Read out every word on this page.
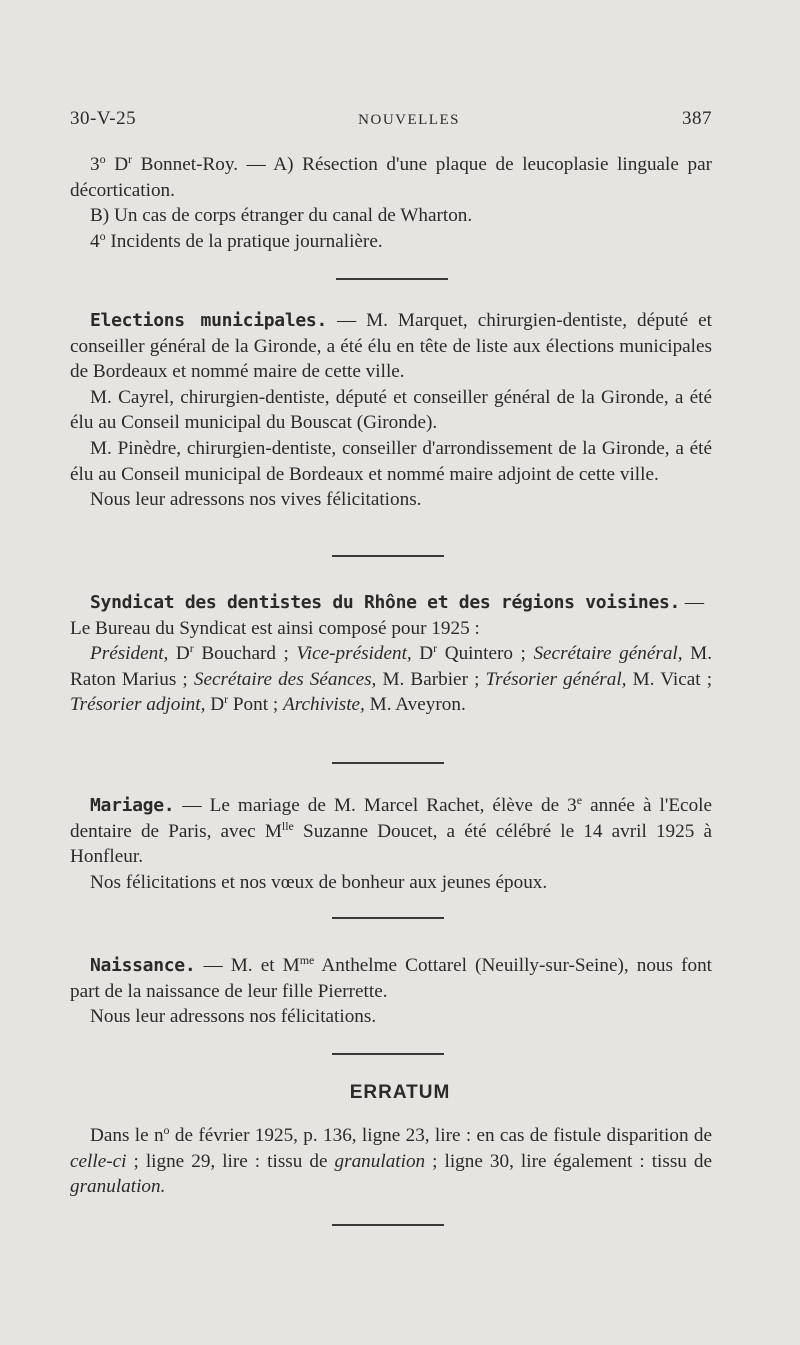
30-V-25	NOUVELLES	387

3$^o$ $D^r$ Bonnet-Roy. — A) Résection d'une plaque de leucoplasie linguale par décortication.

B) Un cas de corps étranger du canal de Wharton.

4$^o$ Incidents de la pratique journalière.

Elections municipales. — M. Marquet, chirurgien-dentiste, député et conseiller général de la Gironde, a été élu en tête de liste aux élections municipales de Bordeaux et nommé maire de cette ville.

M. Cayrel, chirurgien-dentiste, député et conseiller général de la Gironde, a été élu au Conseil municipal du Bouscat (Gironde).

M. Pinèdre, chirurgien-dentiste, conseiller d'arrondissement de la Gironde, a été élu au Conseil municipal de Bordeaux et nommé maire adjoint de cette ville.

Nous leur adressons nos vives félicitations.

Syndicat des dentistes du Rhône et des régions voisines. —

Le Bureau du Syndicat est ainsi composé pour 1925 :

Président, $D^r$ Bouchard ; Vice-président, $D^r$ Quintero ; Secrétaire général, M. Raton Marius ; Secrétaire des Séances, M. Barbier ; Trésorier général, M. Vicat ; Trésorier adjoint, $D^r$ Pont ; Archiviste, M. Aveyron.

Mariage. — Le mariage de M. Marcel Rachet, élève de 3e année à l'Ecole dentaire de Paris, avec $M^{lle}$ Suzanne Doucet, a été célébré le 14 avril 1925 à Honfleur.

Nos félicitations et nos vœux de bonheur aux jeunes époux.

Naissance. — M. et $M^{me}$ Anthelme Cottarel (Neuilly-sur-Seine), nous font part de la naissance de leur fille Pierrette.

Nous leur adressons nos félicitations.

ERRATUM

Dans le $n^o$ de février 1925, p. 136, ligne 23, lire : en cas de fistule disparition de celle-ci ; ligne 29, lire : tissu de granulation ; ligne 30, lire également : tissu de granulation.
